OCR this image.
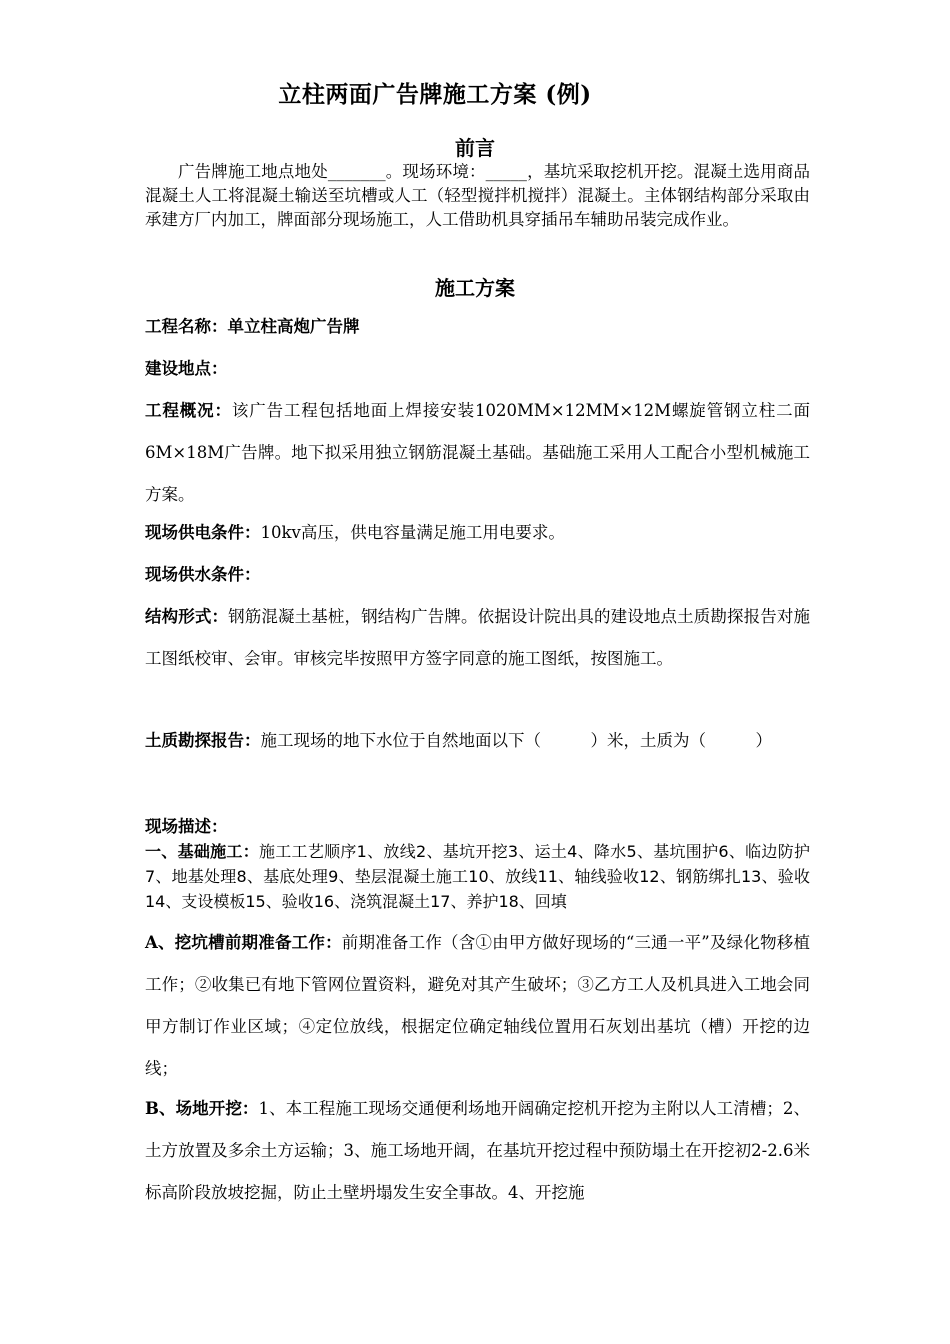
立柱两面广告牌施工方案 (例)
前言
广告牌施工地点地处_______。现场环境：_____，基坑采取挖机开挖。混凝土选用商品混凝土人工将混凝土输送至坑槽或人工（轻型搅拌机搅拌）混凝土。主体钢结构部分采取由承建方厂内加工，牌面部分现场施工，人工借助机具穿插吊车辅助吊装完成作业。
施工方案
工程名称：单立柱高炮广告牌
建设地点：
工程概况：该广告工程包括地面上焊接安装1020MM×12MM×12M螺旋管钢立柱二面6M×18M广告牌。地下拟采用独立钢筋混凝土基础。基础施工采用人工配合小型机械施工方案。
现场供电条件：10kv高压，供电容量满足施工用电要求。
现场供水条件：
结构形式：钢筋混凝土基桩，钢结构广告牌。依据设计院出具的建设地点土质勘探报告对施工图纸校审、会审。审核完毕按照甲方签字同意的施工图纸，按图施工。
土质勘探报告：施工现场的地下水位于自然地面以下（　　　）米，土质为（　　　）
现场描述：
一、基础施工：施工工艺顺序1、放线2、基坑开挖3、运土4、降水5、基坑围护6、临边防护7、地基处理8、基底处理9、垫层混凝土施工10、放线11、轴线验收12、钢筋绑扎13、验收14、支设模板15、验收16、浇筑混凝土17、养护18、回填
A、挖坑槽前期准备工作：前期准备工作（含①由甲方做好现场的“三通一平”及绿化物移植工作；②收集已有地下管网位置资料，避免对其产生破坏；③乙方工人及机具进入工地会同甲方制订作业区域；④定位放线，根据定位确定轴线位置用石灰划出基坑（槽）开挖的边线；
B、场地开挖：1、本工程施工现场交通便利场地开阔确定挖机开挖为主附以人工清槽；2、土方放置及多余土方运输；3、施工场地开阔，在基坑开挖过程中预防塌土在开挖初2-2.6米标高阶段放坡挖掘，防止土壁坍塌发生安全事故。4、开挖施
